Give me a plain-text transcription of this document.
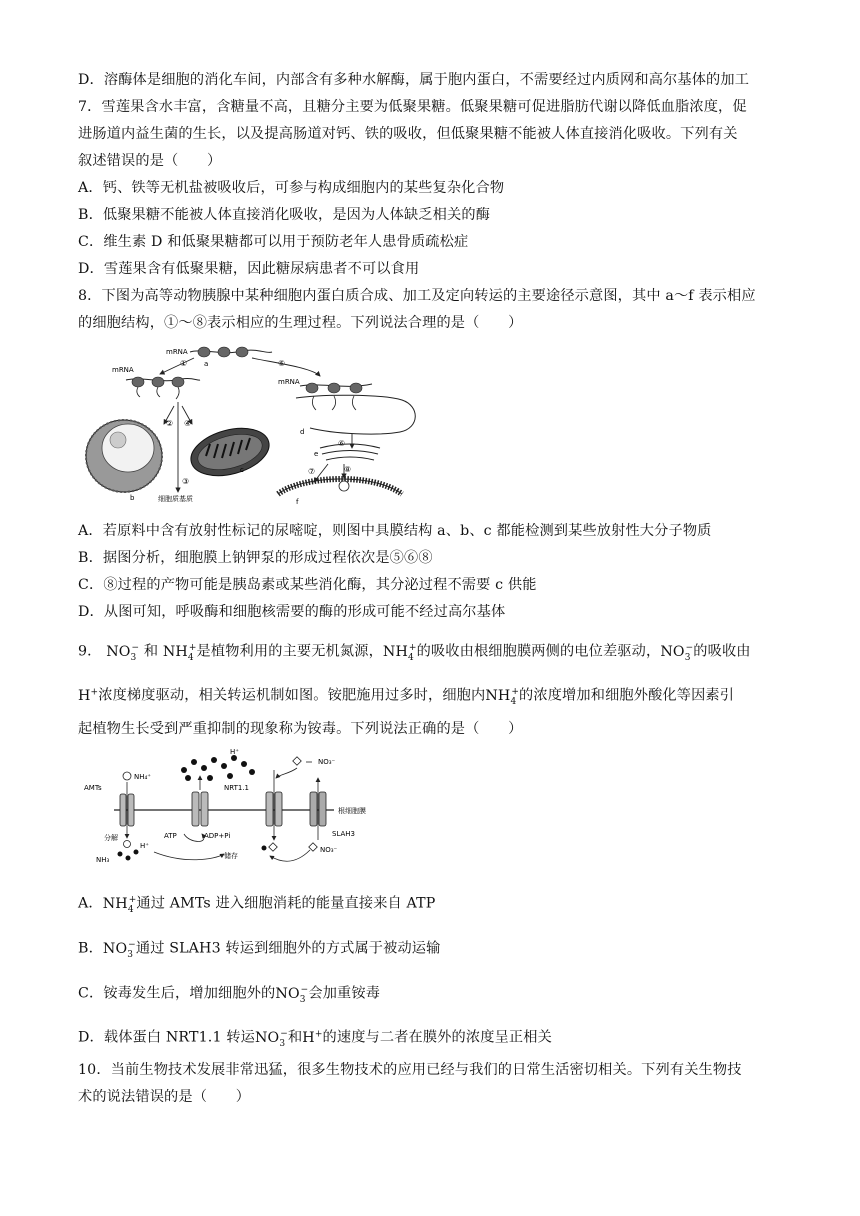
D．溶酶体是细胞的消化车间，内部含有多种水解酶，属于胞内蛋白，不需要经过内质网和高尔基体的加工
7．雪莲果含水丰富，含糖量不高，且糖分主要为低聚果糖。低聚果糖可促进脂肪代谢以降低血脂浓度，促
进肠道内益生菌的生长，以及提高肠道对钙、铁的吸收，但低聚果糖不能被人体直接消化吸收。下列有关
叙述错误的是（　　）
A．钙、铁等无机盐被吸收后，可参与构成细胞内的某些复杂化合物
B．低聚果糖不能被人体直接消化吸收，是因为人体缺乏相关的酶
C．维生素 D 和低聚果糖都可以用于预防老年人患骨质疏松症
D．雪莲果含有低聚果糖，因此糖尿病患者不可以食用
8．下图为高等动物胰腺中某种细胞内蛋白质合成、加工及定向转运的主要途径示意图，其中 a～f 表示相应
的细胞结构，①～⑧表示相应的生理过程。下列说法合理的是（　　）
mRNA
a
①	⑤
mRNA
② ④
③
b	细胞质基质
c
mRNA
d
⑥
e
⑦	⑧
f
A．若原料中含有放射性标记的尿嘧啶，则图中具膜结构 a、b、c 都能检测到某些放射性大分子物质
B．据图分析，细胞膜上钠钾泵的形成过程依次是⑤⑥⑧
C．⑧过程的产物可能是胰岛素或某些消化酶，其分泌过程不需要 c 供能
D．从图可知，呼吸酶和细胞核需要的酶的形成可能不经过高尔基体
9． $NO_3^-$ 和 $NH_4^+$是植物利用的主要无机氮源，$NH_4^+$的吸收由根细胞膜两侧的电位差驱动，$NO_3^-$的吸收由
H+浓度梯度驱动，相关转运机制如图。铵肥施用过多时，细胞内$NH_4^+$的浓度增加和细胞外酸化等因素引
起植物生长受到严重抑制的现象称为铵毒。下列说法正确的是（　　）
根细胞膜
AMTs
NH₄⁺
分解
NH₃
H⁺
ATP	ADP+Pi
储存
H⁺
NRT1.1
NO₃⁻
SLAH3
NO₃⁻
A．$NH_4^+$通过 AMTs 进入细胞消耗的能量直接来自 ATP
B．$NO_3^-$通过 SLAH3 转运到细胞外的方式属于被动运输
C．铵毒发生后，增加细胞外的$NO_3^-$会加重铵毒
D．载体蛋白 NRT1.1 转运$NO_3^-$和H+的速度与二者在膜外的浓度呈正相关
10．当前生物技术发展非常迅猛，很多生物技术的应用已经与我们的日常生活密切相关。下列有关生物技
术的说法错误的是（　　）
